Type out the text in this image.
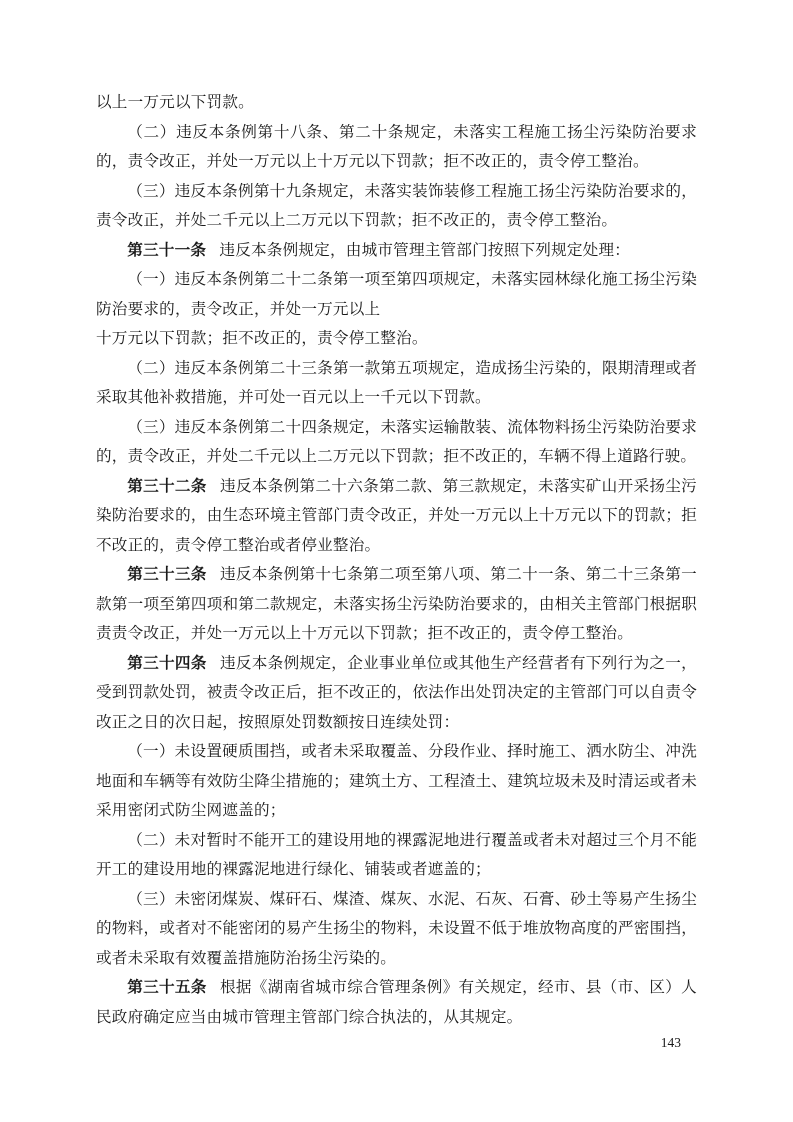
以上一万元以下罚款。

（二）违反本条例第十八条、第二十条规定，未落实工程施工扬尘污染防治要求的，责令改正，并处一万元以上十万元以下罚款；拒不改正的，责令停工整治。

（三）违反本条例第十九条规定，未落实装饰装修工程施工扬尘污染防治要求的，责令改正，并处二千元以上二万元以下罚款；拒不改正的，责令停工整治。

第三十一条 违反本条例规定，由城市管理主管部门按照下列规定处理：

（一）违反本条例第二十二条第一项至第四项规定，未落实园林绿化施工扬尘污染防治要求的，责令改正，并处一万元以上

十万元以下罚款；拒不改正的，责令停工整治。

（二）违反本条例第二十三条第一款第五项规定，造成扬尘污染的，限期清理或者采取其他补救措施，并可处一百元以上一千元以下罚款。

（三）违反本条例第二十四条规定，未落实运输散装、流体物料扬尘污染防治要求的，责令改正，并处二千元以上二万元以下罚款；拒不改正的，车辆不得上道路行驶。

第三十二条 违反本条例第二十六条第二款、第三款规定，未落实矿山开采扬尘污染防治要求的，由生态环境主管部门责令改正，并处一万元以上十万元以下的罚款；拒不改正的，责令停工整治或者停业整治。

第三十三条 违反本条例第十七条第二项至第八项、第二十一条、第二十三条第一款第一项至第四项和第二款规定，未落实扬尘污染防治要求的，由相关主管部门根据职责责令改正，并处一万元以上十万元以下罚款；拒不改正的，责令停工整治。

第三十四条 违反本条例规定，企业事业单位或其他生产经营者有下列行为之一，受到罚款处罚，被责令改正后，拒不改正的，依法作出处罚决定的主管部门可以自责令改正之日的次日起，按照原处罚数额按日连续处罚：

（一）未设置硬质围挡，或者未采取覆盖、分段作业、择时施工、洒水防尘、冲洗地面和车辆等有效防尘降尘措施的；建筑土方、工程渣土、建筑垃圾未及时清运或者未采用密闭式防尘网遮盖的；

（二）未对暂时不能开工的建设用地的裸露泥地进行覆盖或者未对超过三个月不能开工的建设用地的裸露泥地进行绿化、铺装或者遮盖的；

（三）未密闭煤炭、煤矸石、煤渣、煤灰、水泥、石灰、石膏、砂土等易产生扬尘的物料，或者对不能密闭的易产生扬尘的物料，未设置不低于堆放物高度的严密围挡，或者未采取有效覆盖措施防治扬尘污染的。

第三十五条 根据《湖南省城市综合管理条例》有关规定，经市、县（市、区）人民政府确定应当由城市管理主管部门综合执法的，从其规定。

143
